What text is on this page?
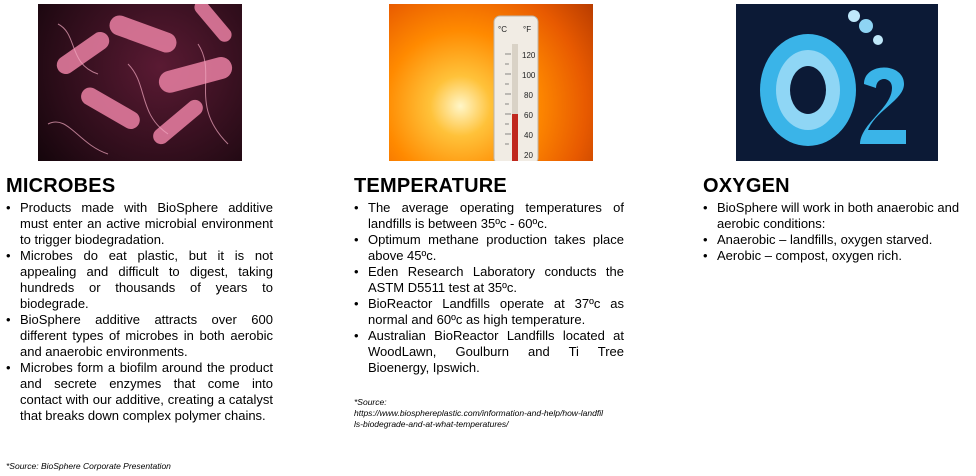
MICROBES
• Products made with BioSphere additive must enter an active microbial environment to trigger biodegradation.
• Microbes do eat plastic, but it is not appealing and difficult to digest, taking hundreds or thousands of years to biodegrade.
• BioSphere additive attracts over 600 different types of microbes in both aerobic and anaerobic environments.
• Microbes form a biofilm around the product and secrete enzymes that come into contact with our additive, creating a catalyst that breaks down complex polymer chains.
°C °F
120
100
80
60
40
20
TEMPERATURE
• The average operating temperatures of landfills is between 35ºc - 60ºc.
• Optimum methane production takes place above 45ºc.
• Eden Research Laboratory conducts the ASTM D5511 test at 35ºc.
• BioReactor Landfills operate at 37ºc as normal and 60ºc as high temperature.
• Australian BioReactor Landfills located at WoodLawn, Goulburn and Ti Tree Bioenergy, Ipswich.
*Source:
https://www.biosphereplastic.com/information-and-help/how-landfills-biodegrade-and-at-what-temperatures/
O2
OXYGEN
• BioSphere will work in both anaerobic and aerobic conditions:
• Anaerobic – landfills, oxygen starved.
• Aerobic – compost, oxygen rich.
*Source: BioSphere Corporate Presentation
